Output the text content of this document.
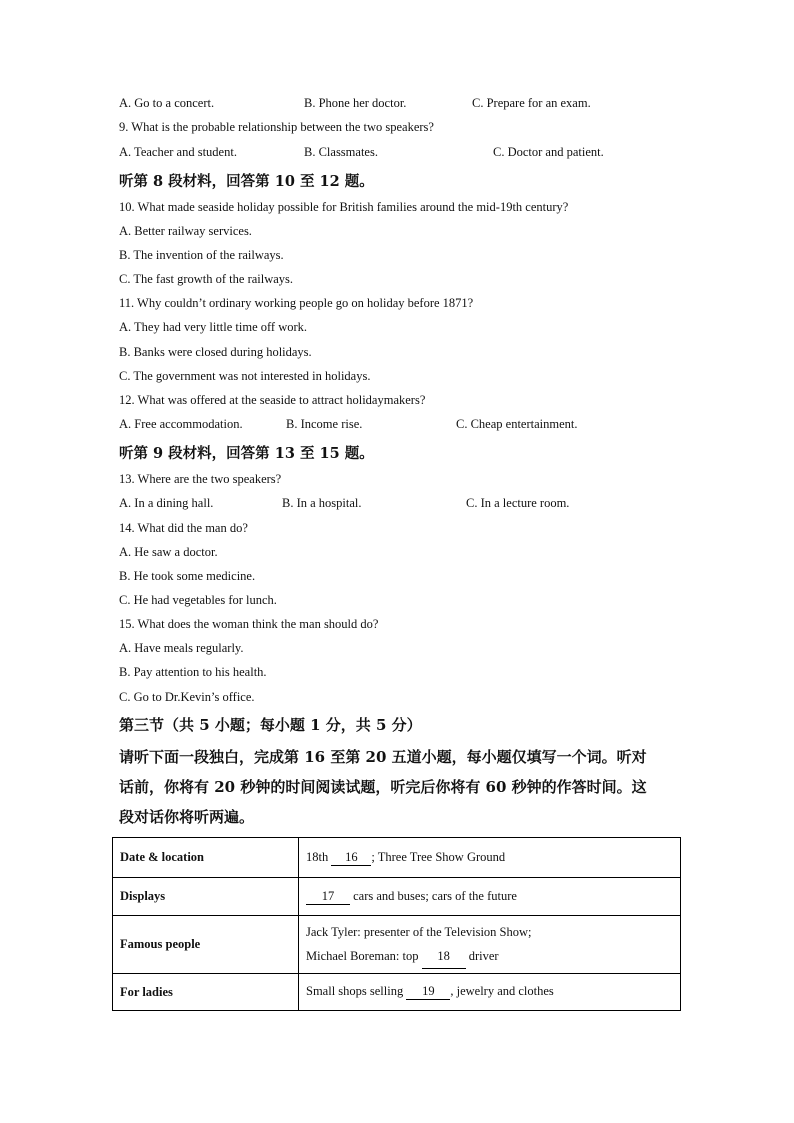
A. Go to a concert.	B. Phone her doctor.	C. Prepare for an exam.
9. What is the probable relationship between the two speakers?
A. Teacher and student.	B. Classmates.	C. Doctor and patient.
听第 8 段材料，回答第 10 至 12 题。
10. What made seaside holiday possible for British families around the mid-19th century?
A. Better railway services.
B. The invention of the railways.
C. The fast growth of the railways.
11. Why couldn’t ordinary working people go on holiday before 1871?
A. They had very little time off work.
B. Banks were closed during holidays.
C. The government was not interested in holidays.
12. What was offered at the seaside to attract holidaymakers?
A. Free accommodation.	B. Income rise.	C. Cheap entertainment.
听第 9 段材料，回答第 13 至 15 题。
13. Where are the two speakers?
A. In a dining hall.	B. In a hospital.	C. In a lecture room.
14. What did the man do?
A. He saw a doctor.
B. He took some medicine.
C. He had vegetables for lunch.
15. What does the woman think the man should do?
A. Have meals regularly.
B. Pay attention to his health.
C. Go to Dr.Kevin’s office.
第三节（共 5 小题；每小题 1 分，共 5 分）
请听下面一段独白，完成第 16 至第 20 五道小题，每小题仅填写一个词。听对
话前，你将有 20 秒钟的时间阅读试题，听完后你将有 60 秒钟的作答时间。这
段对话你将听两遍。
Date & location	18th 16 ; Three Tree Show Ground
Displays	17 cars and buses; cars of the future
Famous people	Jack Tyler: presenter of the Television Show;
Michael Boreman: top 18 driver

For ladies	Small shops selling 19 , jewelry and clothes
